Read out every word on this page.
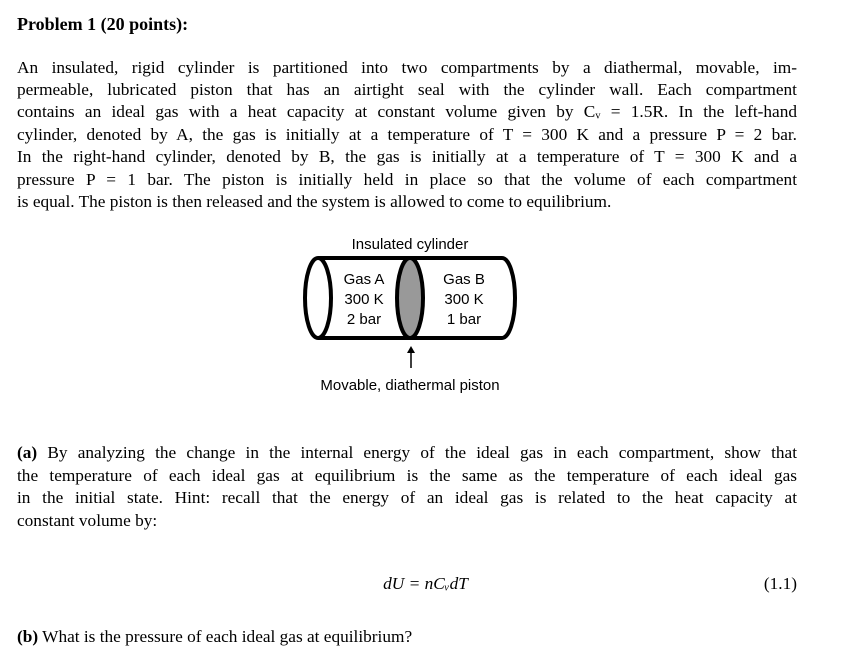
Problem 1 (20 points):
An insulated, rigid cylinder is partitioned into two compartments by a diathermal, movable, im-
permeable, lubricated piston that has an airtight seal with the cylinder wall. Each compartment
contains an ideal gas with a heat capacity at constant volume given by Cᵥ = 1.5R. In the left-hand
cylinder, denoted by A, the gas is initially at a temperature of T = 300 K and a pressure P = 2 bar.
In the right-hand cylinder, denoted by B, the gas is initially at a temperature of T = 300 K and a
pressure P = 1 bar. The piston is initially held in place so that the volume of each compartment
is equal. The piston is then released and the system is allowed to come to equilibrium.
Insulated cylinder
Gas A
300 K
2 bar
Gas B
300 K
1 bar
Movable, diathermal piston
(a) By analyzing the change in the internal energy of the ideal gas in each compartment, show that
the temperature of each ideal gas at equilibrium is the same as the temperature of each ideal gas
in the initial state. Hint: recall that the energy of an ideal gas is related to the heat capacity at
constant volume by:
dU = nCᵥdT	(1.1)
(b) What is the pressure of each ideal gas at equilibrium?
